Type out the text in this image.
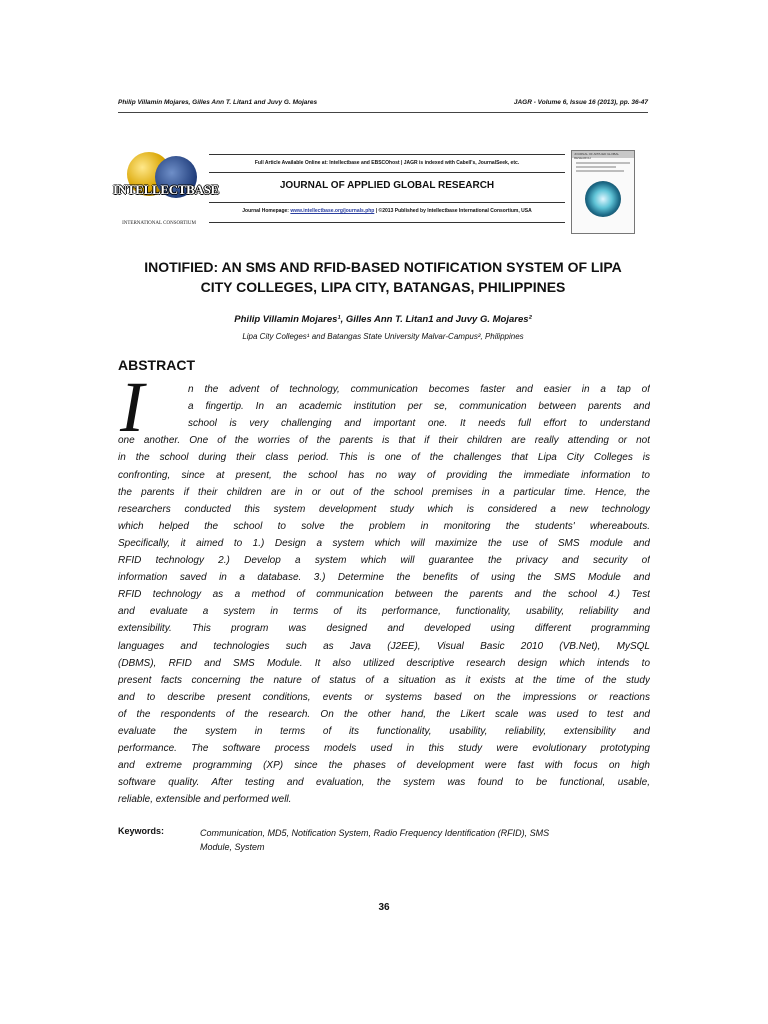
Philip Villamin Mojares, Gilles Ann T. Litan1 and Juvy G. Mojares	JAGR - Volume 6, Issue 16 (2013), pp. 36-47
INTELLECTBASE
INTERNATIONAL CONSORTIUM
Full Article Available Online at: Intellectbase and EBSCOhost | JAGR is indexed with Cabell's, JournalSeek, etc.
JOURNAL OF APPLIED GLOBAL RESEARCH
Journal Homepage: www.intellectbase.org/journals.php | ©2013 Published by Intellectbase International Consortium, USA
JOURNAL OF APPLIED GLOBAL RESEARCH
INOTIFIED: AN SMS AND RFID-BASED NOTIFICATION SYSTEM OF LIPA
CITY COLLEGES, LIPA CITY, BATANGAS, PHILIPPINES
Philip Villamin Mojares¹, Gilles Ann T. Litan1 and Juvy G. Mojares²
Lipa City Colleges¹ and Batangas State University Malvar-Campus², Philippines
ABSTRACT
I	n the advent of technology, communication becomes faster and easier in a tap of
a fingertip. In an academic institution per se, communication between parents and
school is very challenging and important one. It needs full effort to understand
one another. One of the worries of the parents is that if their children are really attending or not
in the school during their class period. This is one of the challenges that Lipa City Colleges is
confronting, since at present, the school has no way of providing the immediate information to
the parents if their children are in or out of the school premises in a particular time. Hence, the
researchers conducted this system development study which is considered a new technology
which helped the school to solve the problem in monitoring the students' whereabouts.
Specifically, it aimed to 1.) Design a system which will maximize the use of SMS module and
RFID technology 2.) Develop a system which will guarantee the privacy and security of
information saved in a database. 3.) Determine the benefits of using the SMS Module and
RFID technology as a method of communication between the parents and the school 4.) Test
and evaluate a system in terms of its performance, functionality, usability, reliability and
extensibility. This program was designed and developed using different programming
languages and technologies such as Java (J2EE), Visual Basic 2010 (VB.Net), MySQL
(DBMS), RFID and SMS Module. It also utilized descriptive research design which intends to
present facts concerning the nature of status of a situation as it exists at the time of the study
and to describe present conditions, events or systems based on the impressions or reactions
of the respondents of the research. On the other hand, the Likert scale was used to test and
evaluate the system in terms of its functionality, usability, reliability, extensibility and
performance. The software process models used in this study were evolutionary prototyping
and extreme programming (XP) since the phases of development were fast with focus on high
software quality. After testing and evaluation, the system was found to be functional, usable,
reliable, extensible and performed well.
Keywords:	Communication, MD5, Notification System, Radio Frequency Identification (RFID), SMS
Module, System
36
